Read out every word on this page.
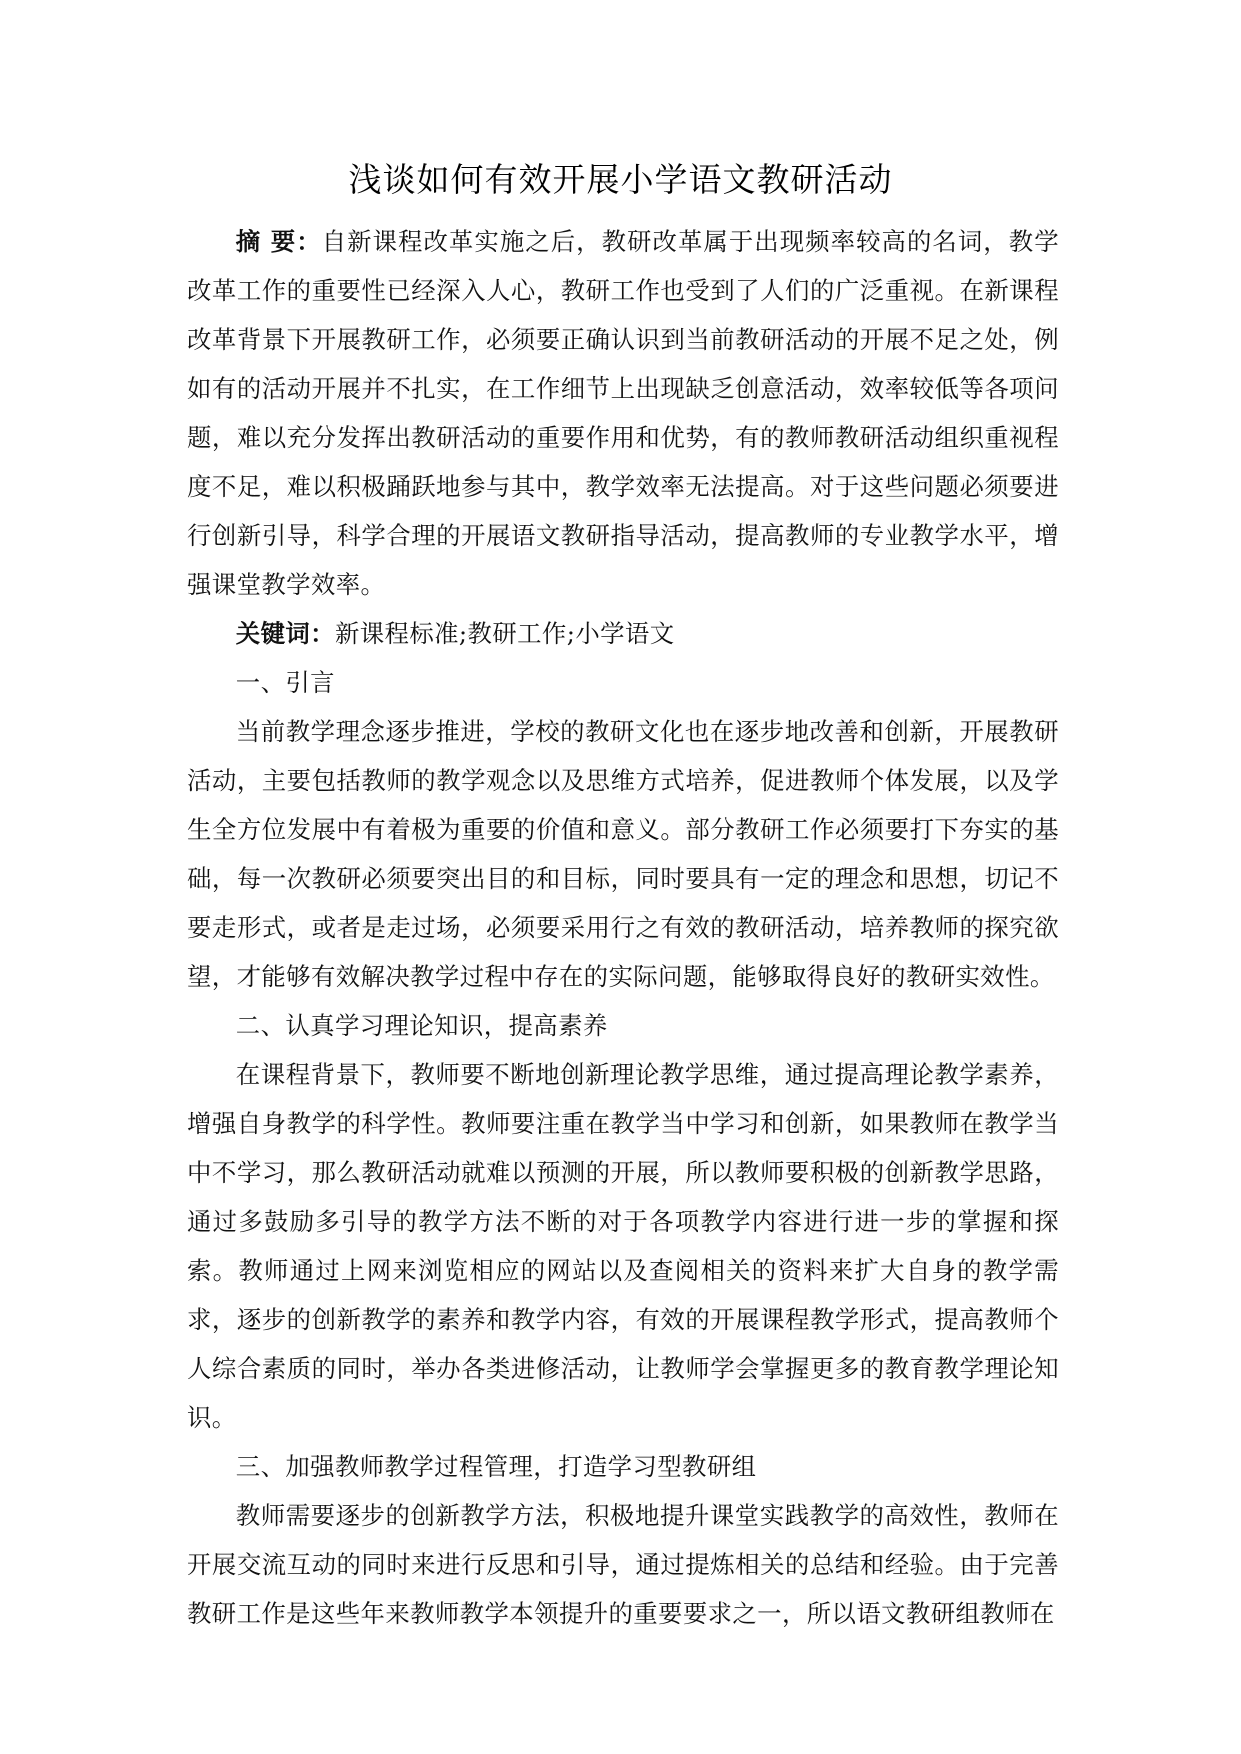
浅谈如何有效开展小学语文教研活动

摘 要：自新课程改革实施之后，教研改革属于出现频率较高的名词，教学改革工作的重要性已经深入人心，教研工作也受到了人们的广泛重视。在新课程改革背景下开展教研工作，必须要正确认识到当前教研活动的开展不足之处，例如有的活动开展并不扎实，在工作细节上出现缺乏创意活动，效率较低等各项问题，难以充分发挥出教研活动的重要作用和优势，有的教师教研活动组织重视程度不足，难以积极踊跃地参与其中，教学效率无法提高。对于这些问题必须要进行创新引导，科学合理的开展语文教研指导活动，提高教师的专业教学水平，增强课堂教学效率。

关键词：新课程标准;教研工作;小学语文

一、引言

当前教学理念逐步推进，学校的教研文化也在逐步地改善和创新，开展教研活动，主要包括教师的教学观念以及思维方式培养，促进教师个体发展，以及学生全方位发展中有着极为重要的价值和意义。部分教研工作必须要打下夯实的基础，每一次教研必须要突出目的和目标，同时要具有一定的理念和思想，切记不要走形式，或者是走过场，必须要采用行之有效的教研活动，培养教师的探究欲望，才能够有效解决教学过程中存在的实际问题，能够取得良好的教研实效性。

二、认真学习理论知识，提高素养

在课程背景下，教师要不断地创新理论教学思维，通过提高理论教学素养，增强自身教学的科学性。教师要注重在教学当中学习和创新，如果教师在教学当中不学习，那么教研活动就难以预测的开展，所以教师要积极的创新教学思路，通过多鼓励多引导的教学方法不断的对于各项教学内容进行进一步的掌握和探索。教师通过上网来浏览相应的网站以及查阅相关的资料来扩大自身的教学需求，逐步的创新教学的素养和教学内容，有效的开展课程教学形式，提高教师个人综合素质的同时，举办各类进修活动，让教师学会掌握更多的教育教学理论知识。

三、加强教师教学过程管理，打造学习型教研组

教师需要逐步的创新教学方法，积极地提升课堂实践教学的高效性，教师在开展交流互动的同时来进行反思和引导，通过提炼相关的总结和经验。由于完善教研工作是这些年来教师教学本领提升的重要要求之一，所以语文教研组教师在
